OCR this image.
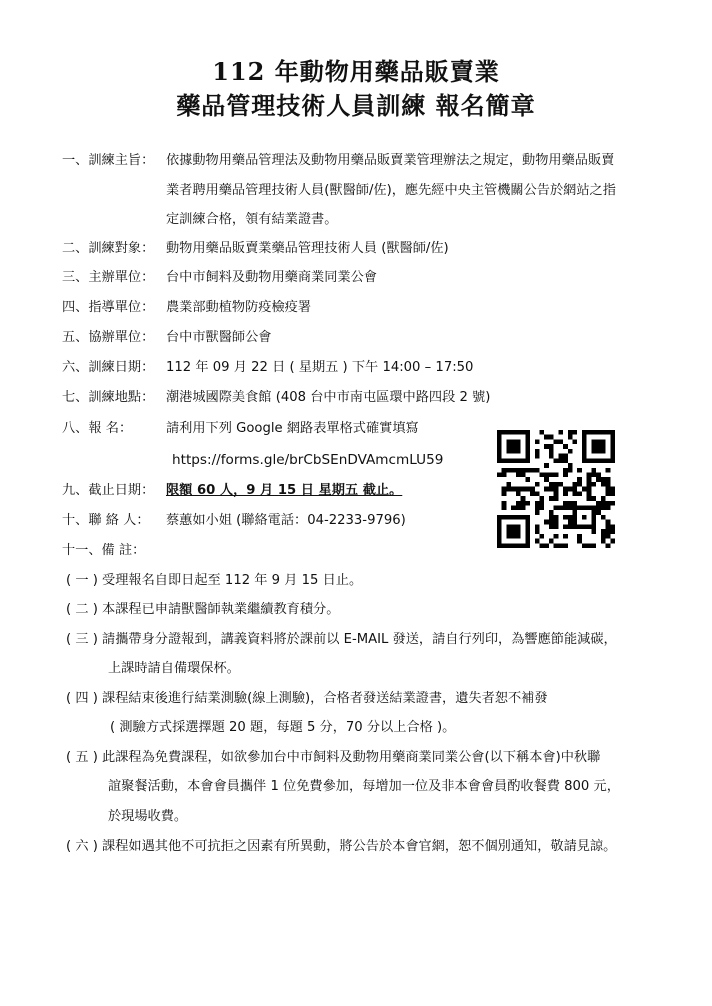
112 年動物用藥品販賣業
藥品管理技術人員訓練 報名簡章
一、訓練主旨： 依據動物用藥品管理法及動物用藥品販賣業管理辦法之規定，動物用藥品販賣
業者聘用藥品管理技術人員(獸醫師/佐)，應先經中央主管機關公告於網站之指
定訓練合格，領有結業證書。
二、訓練對象： 動物用藥品販賣業藥品管理技術人員 (獸醫師/佐)
三、主辦單位： 台中市飼料及動物用藥商業同業公會
四、指導單位： 農業部動植物防疫檢疫署
五、協辦單位： 台中市獸醫師公會
六、訓練日期： 112 年 09 月 22 日 ( 星期五 ) 下午 14:00 – 17:50
七、訓練地點： 潮港城國際美食館 (408 台中市南屯區環中路四段 2 號)
八、報 名：	請利用下列 Google 網路表單格式確實填寫
https://forms.gle/brCbSEnDVAmcmLU59
九、截止日期： 限額 60 人，9 月 15 日 星期五 截止。
十、聯 絡 人： 蔡蕙如小姐 (聯絡電話：04-2233-9796)
十一、備 註：
( 一 ) 受理報名自即日起至 112 年 9 月 15 日止。
( 二 ) 本課程已申請獸醫師執業繼續教育積分。
( 三 ) 請攜帶身分證報到，講義資料將於課前以 E-MAIL 發送，請自行列印，為響應節能減碳，
上課時請自備環保杯。
( 四 ) 課程結束後進行結業測驗(線上測驗)，合格者發送結業證書，遺失者恕不補發
( 測驗方式採選擇題 20 題，每題 5 分，70 分以上合格 )。
( 五 ) 此課程為免費課程，如欲參加台中市飼料及動物用藥商業同業公會(以下稱本會)中秋聯
誼聚餐活動，本會會員攜伴 1 位免費參加，每增加一位及非本會會員酌收餐費 800 元，
於現場收費。
( 六 ) 課程如遇其他不可抗拒之因素有所異動，將公告於本會官網，恕不個別通知，敬請見諒。
